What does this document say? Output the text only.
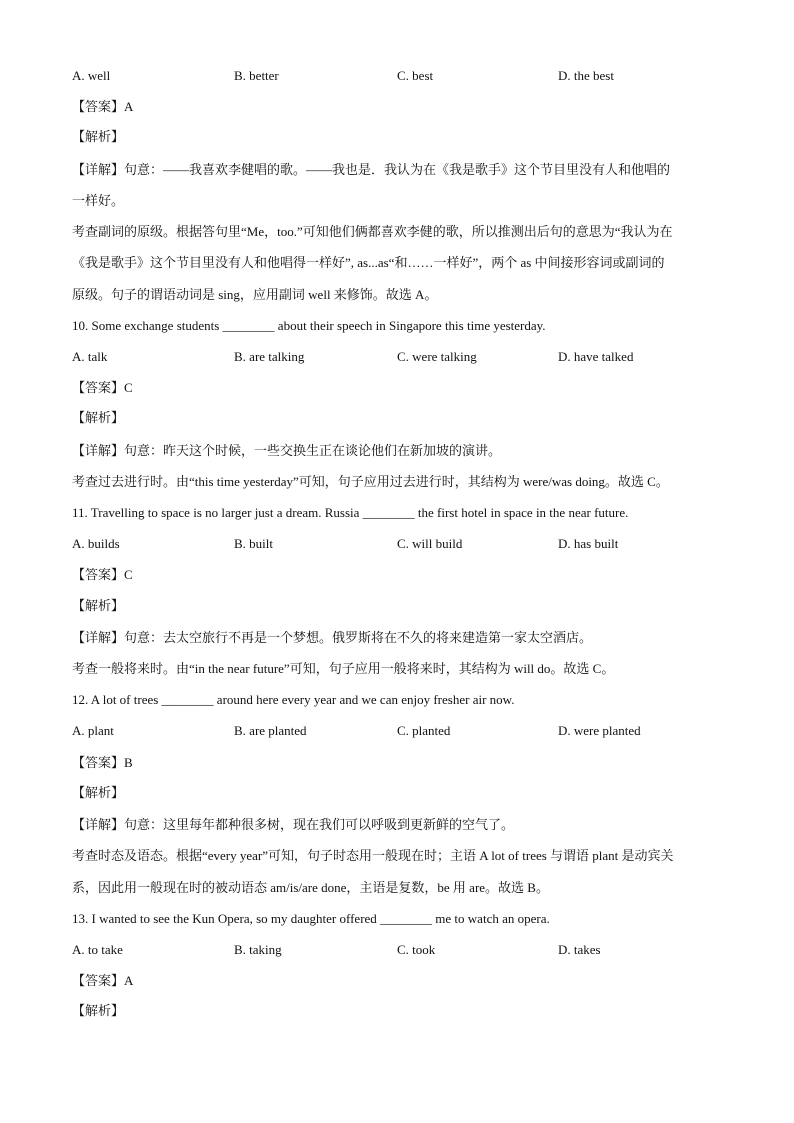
A. well	B. better	C. best	D. the best
【答案】A
【解析】
【详解】句意：——我喜欢李健唱的歌。——我也是．我认为在《我是歌手》这个节目里没有人和他唱的
一样好。
考查副词的原级。根据答句里“Me，too.”可知他们俩都喜欢李健的歌，所以推测出后句的意思为“我认为在
《我是歌手》这个节目里没有人和他唱得一样好”, as...as“和……一样好”，两个 as 中间接形容词或副词的
原级。句子的谓语动词是 sing，应用副词 well 来修饰。故选 A。
10. Some exchange students ________ about their speech in Singapore this time yesterday.
A. talk	B. are talking	C. were talking	D. have talked
【答案】C
【解析】
【详解】句意：昨天这个时候，一些交换生正在谈论他们在新加坡的演讲。
考查过去进行时。由“this time yesterday”可知，句子应用过去进行时，其结构为 were/was doing。故选 C。
11. Travelling to space is no larger just a dream. Russia ________ the first hotel in space in the near future.
A. builds	B. built	C. will build	D. has built
【答案】C
【解析】
【详解】句意：去太空旅行不再是一个梦想。俄罗斯将在不久的将来建造第一家太空酒店。
考查一般将来时。由“in the near future”可知，句子应用一般将来时，其结构为 will do。故选 C。
12. A lot of trees ________ around here every year and we can enjoy fresher air now.
A. plant	B. are planted	C. planted	D. were planted
【答案】B
【解析】
【详解】句意：这里每年都种很多树，现在我们可以呼吸到更新鲜的空气了。
考查时态及语态。根据“every year”可知，句子时态用一般现在时；主语 A lot of trees 与谓语 plant 是动宾关
系，因此用一般现在时的被动语态 am/is/are done，主语是复数，be 用 are。故选 B。
13. I wanted to see the Kun Opera, so my daughter offered ________ me to watch an opera.
A. to take	B. taking	C. took	D. takes
【答案】A
【解析】
